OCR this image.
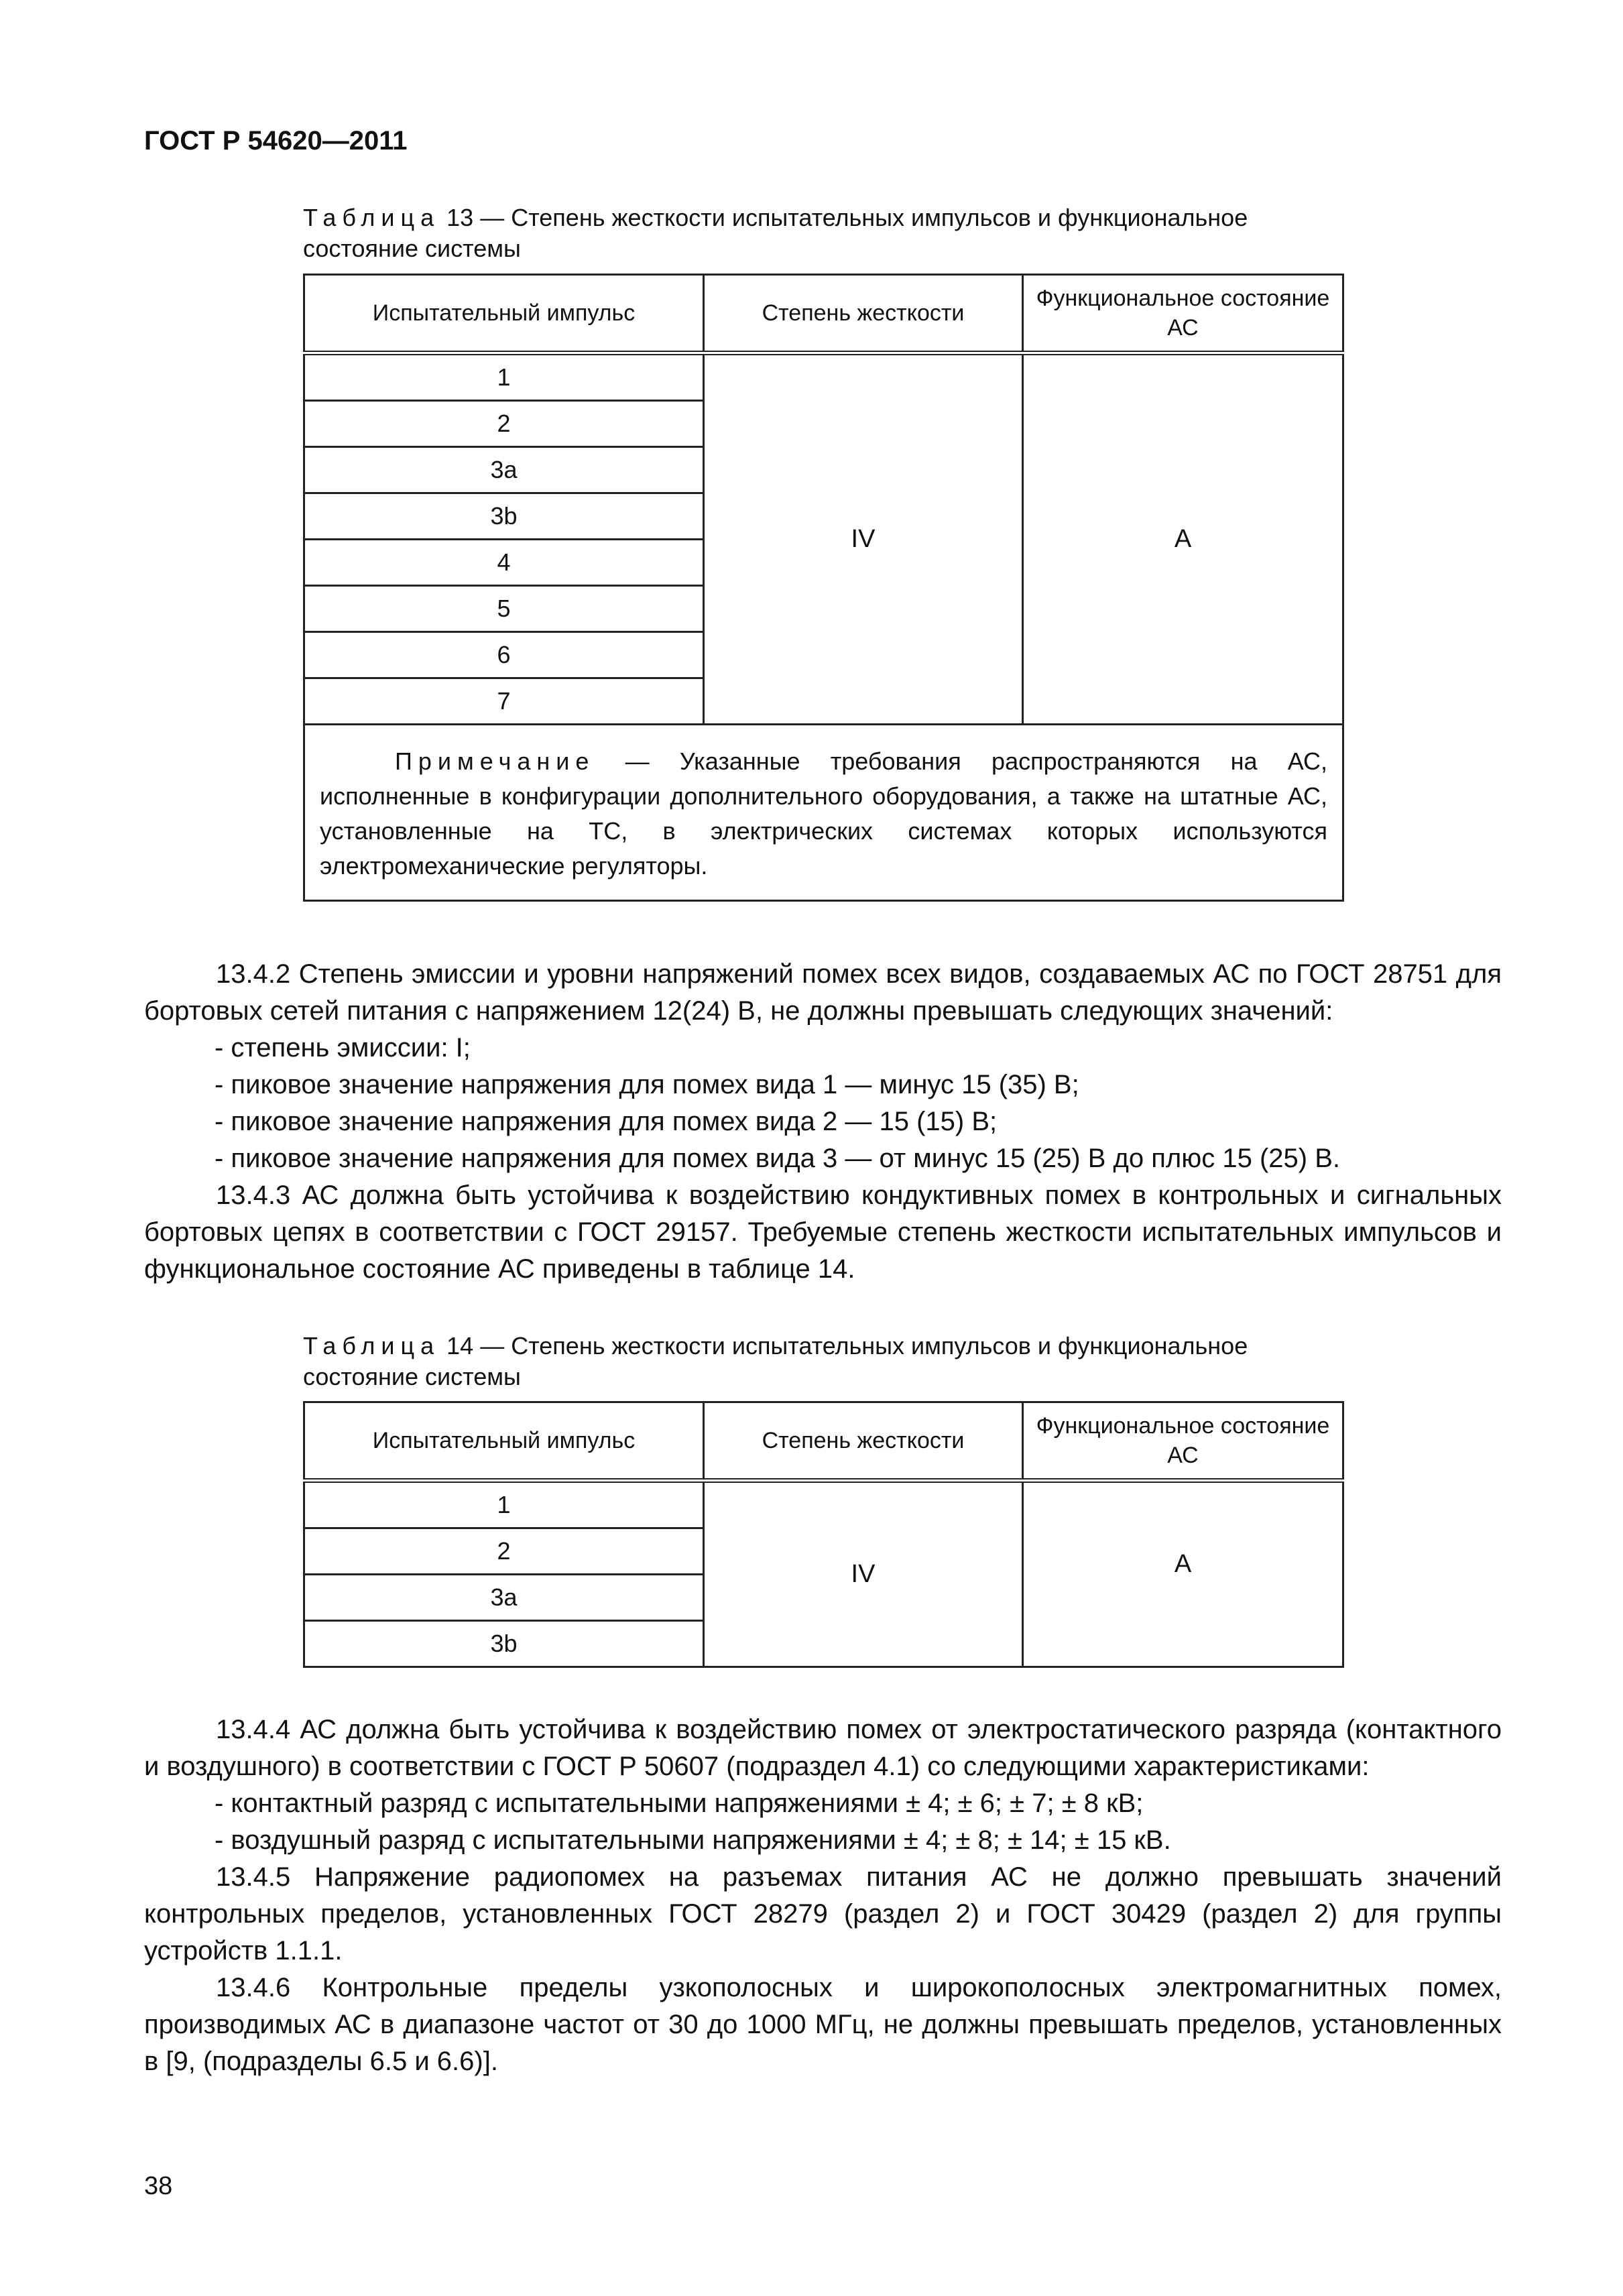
ГОСТ Р 54620—2011
Таблица 13 — Степень жесткости испытательных импульсов и функциональное состояние системы
Испытательный импульс	Степень жесткости	Функциональное состояние АС
1	IV	А
2		
3a		
3b		
4		
5		
6		
7		
Примечание — Указанные требования распространяются на АС, исполненные в конфигурации дополнительного оборудования, а также на штатные АС, установленные на ТС, в электрических системах которых используются электромеханические регуляторы.		

13.4.2 Степень эмиссии и уровни напряжений помех всех видов, создаваемых АС по ГОСТ 28751 для бортовых сетей питания с напряжением 12(24) В, не должны превышать следующих значений:

- степень эмиссии: I;

- пиковое значение напряжения для помех вида 1 — минус 15 (35) В;

- пиковое значение напряжения для помех вида 2 — 15 (15) В;

- пиковое значение напряжения для помех вида 3 — от минус 15 (25) В до плюс 15 (25) В.

13.4.3 АС должна быть устойчива к воздействию кондуктивных помех в контрольных и сигнальных бортовых цепях в соответствии с ГОСТ 29157. Требуемые степень жесткости испытательных импульсов и функциональное состояние АС приведены в таблице 14.

Таблица 14 — Степень жесткости испытательных импульсов и функциональное состояние системы
Испытательный импульс	Степень жесткости	Функциональное состояние АС
1	IV	А
2		
3a		
3b		

13.4.4 АС должна быть устойчива к воздействию помех от электростатического разряда (контактного и воздушного) в соответствии с ГОСТ Р 50607 (подраздел 4.1) со следующими характеристиками:

- контактный разряд с испытательными напряжениями ± 4; ± 6; ± 7; ± 8 кВ;

- воздушный разряд с испытательными напряжениями ± 4; ± 8; ± 14; ± 15 кВ.

13.4.5 Напряжение радиопомех на разъемах питания АС не должно превышать значений контрольных пределов, установленных ГОСТ 28279 (раздел 2) и ГОСТ 30429 (раздел 2) для группы устройств 1.1.1.

13.4.6 Контрольные пределы узкополосных и широкополосных электромагнитных помех, производимых АС в диапазоне частот от 30 до 1000 МГц, не должны превышать пределов, установленных в [9, (подразделы 6.5 и 6.6)].

38
